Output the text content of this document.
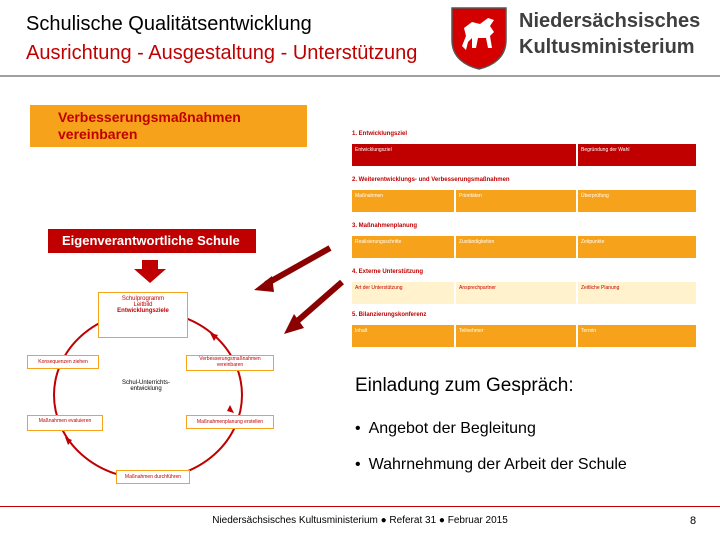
Schulische Qualitätsentwicklung
Ausrichtung - Ausgestaltung - Unterstützung
Niedersächsisches
Kultusministerium
Verbesserungsmaßnahmen
vereinbaren
Eigenverantwortliche Schule
Schulprogramm
Leitbild
Entwicklungsziele
Verbesserungsmaßnahmen vereinbaren
Maßnahmenplanung erstellen
Maßnahmen durchführen
Konsequenzen ziehen
Maßnahmen evaluieren
Schul-Unterrichts-
entwicklung
1. Entwicklungsziel
Entwicklungsziel	Begründung der Wahl
2. Weiterentwicklungs- und Verbesserungsmaßnahmen
Maßnahmen	Prioritäten	Überprüfung
3. Maßnahmenplanung
Realisierungsschritte	Zuständigkeiten	Zeitpunkte
4. Externe Unterstützung
Art der Unterstützung	Ansprechpartner	Zeitliche Planung
5. Bilanzierungskonferenz
Inhalt	Teilnehmer	Termin
Einladung zum Gespräch:
• Angebot der Begleitung
• Wahrnehmung der Arbeit der Schule
Niedersächsisches Kultusministerium ● Referat 31 ● Februar 2015	8
